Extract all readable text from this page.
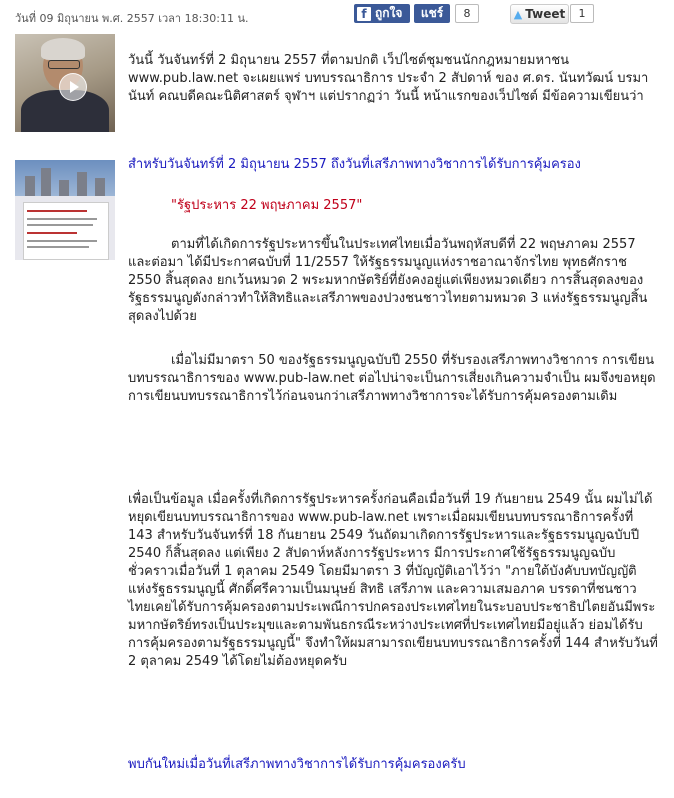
วันที่ 09 มิถุนายน พ.ศ. 2557 เวลา 18:30:11 น.	f ถูกใจ แชร์	8	▲ Tweet	1
วันนี้ วันจันทร์ที่ 2 มิถุนายน 2557 ที่ตามปกติ เว็ปไซต์ชุมชนนักกฎหมายมหาชน www.pub.law.net จะเผยแพร่ บทบรรณาธิการ ประจำ 2 สัปดาห์ ของ ศ.ดร. นันทวัฒน์ บรมานันท์ คณบดีคณะนิติศาสตร์ จุฬาฯ แต่ปรากฏว่า วันนี้ หน้าแรกของเว็ปไซต์ มีข้อความเขียนว่า
สำหรับวันจันทร์ที่ 2 มิถุนายน 2557 ถึงวันที่เสรีภาพทางวิชาการได้รับการคุ้มครอง
"รัฐประหาร 22 พฤษภาคม 2557"
ตามที่ได้เกิดการรัฐประหารขึ้นในประเทศไทยเมื่อวันพฤหัสบดีที่ 22 พฤษภาคม 2557 และต่อมา ได้มีประกาศฉบับที่ 11/2557 ให้รัฐธรรมนูญแห่งราชอาณาจักรไทย พุทธศักราช 2550 สิ้นสุดลง ยกเว้นหมวด 2 พระมหากษัตริย์ที่ยังคงอยู่แต่เพียงหมวดเดียว การสิ้นสุดลงของรัฐธรรมนูญดังกล่าวทำให้สิทธิและเสรีภาพของปวงชนชาวไทยตามหมวด 3 แห่งรัฐธรรมนูญสิ้นสุดลงไปด้วย
เมื่อไม่มีมาตรา 50 ของรัฐธรรมนูญฉบับปี 2550 ที่รับรองเสรีภาพทางวิชาการ การเขียนบทบรรณาธิการของ www.pub-law.net ต่อไปน่าจะเป็นการเสี่ยงเกินความจำเป็น ผมจึงขอหยุดการเขียนบทบรรณาธิการไว้ก่อนจนกว่าเสรีภาพทางวิชาการจะได้รับการคุ้มครองตามเดิม
เพื่อเป็นข้อมูล เมื่อครั้งที่เกิดการรัฐประหารครั้งก่อนคือเมื่อวันที่ 19 กันยายน 2549 นั้น ผมไม่ได้หยุดเขียนบทบรรณาธิการของ www.pub-law.net เพราะเมื่อผมเขียนบทบรรณาธิการครั้งที่ 143 สำหรับวันจันทร์ที่ 18 กันยายน 2549 วันถัดมาเกิดการรัฐประหารและรัฐธรรมนูญฉบับปี 2540 ก็สิ้นสุดลง แต่เพียง 2 สัปดาห์หลังการรัฐประหาร มีการประกาศใช้รัฐธรรมนูญฉบับชั่วคราวเมื่อวันที่ 1 ตุลาคม 2549 โดยมีมาตรา 3 ที่บัญญัติเอาไว้ว่า "ภายใต้บังคับบทบัญญัติแห่งรัฐธรรมนูญนี้ ศักดิ์ศรีความเป็นมนุษย์ สิทธิ เสรีภาพ และความเสมอภาค บรรดาที่ชนชาวไทยเคยได้รับการคุ้มครองตามประเพณีการปกครองประเทศไทยในระบอบประชาธิปไตยอันมีพระมหากษัตริย์ทรงเป็นประมุขและตามพันธกรณีระหว่างประเทศที่ประเทศไทยมีอยู่แล้ว ย่อมได้รับการคุ้มครองตามรัฐธรรมนูญนี้" จึงทำให้ผมสามารถเขียนบทบรรณาธิการครั้งที่ 144 สำหรับวันที่ 2 ตุลาคม 2549 ได้โดยไม่ต้องหยุดครับ
พบกันใหม่เมื่อวันที่เสรีภาพทางวิชาการได้รับการคุ้มครองครับ
